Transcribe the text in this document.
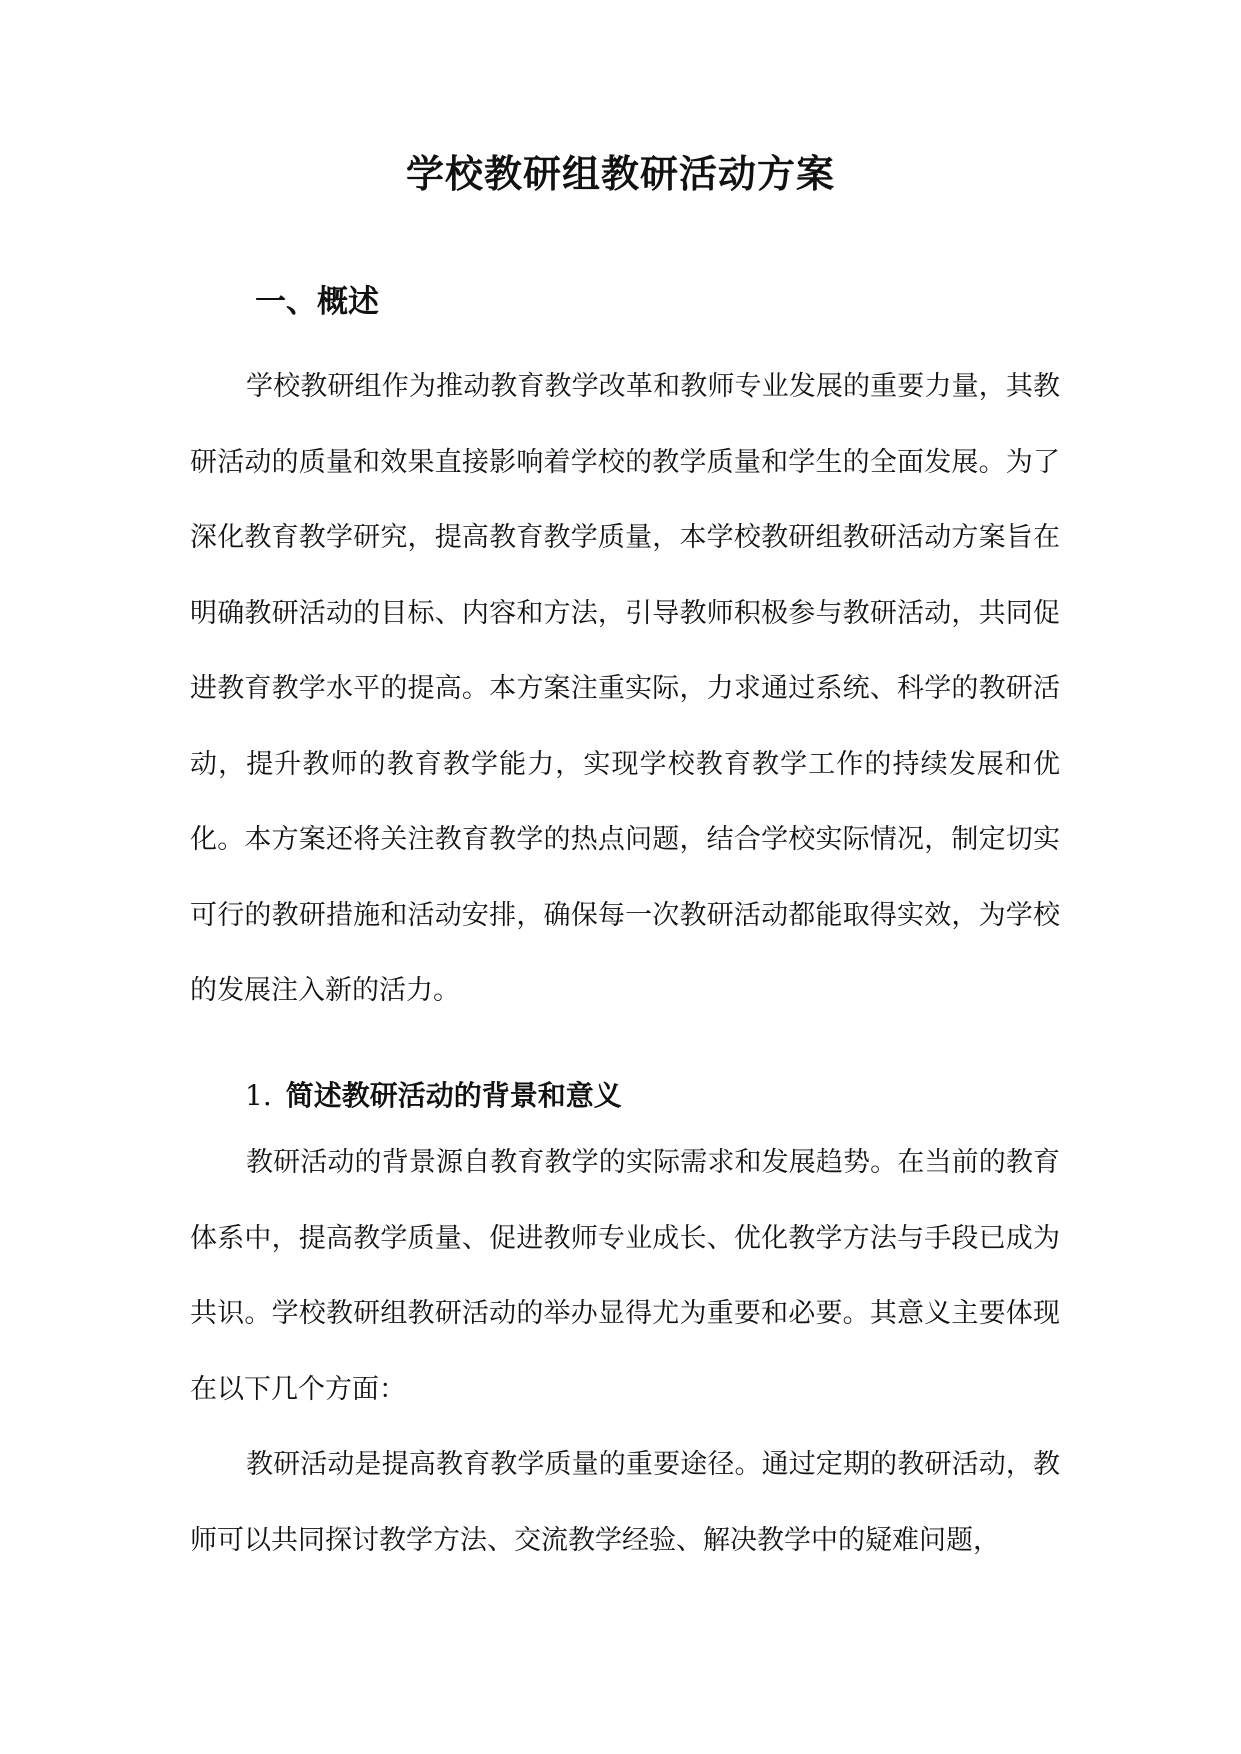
学校教研组教研活动方案
一、概述

学校教研组作为推动教育教学改革和教师专业发展的重要力量，其教研活动的质量和效果直接影响着学校的教学质量和学生的全面发展。为了深化教育教学研究，提高教育教学质量，本学校教研组教研活动方案旨在明确教研活动的目标、内容和方法，引导教师积极参与教研活动，共同促进教育教学水平的提高。本方案注重实际，力求通过系统、科学的教研活动，提升教师的教育教学能力，实现学校教育教学工作的持续发展和优化。本方案还将关注教育教学的热点问题，结合学校实际情况，制定切实可行的教研措施和活动安排，确保每一次教研活动都能取得实效，为学校的发展注入新的活力。

1. 简述教研活动的背景和意义

教研活动的背景源自教育教学的实际需求和发展趋势。在当前的教育体系中，提高教学质量、促进教师专业成长、优化教学方法与手段已成为共识。学校教研组教研活动的举办显得尤为重要和必要。其意义主要体现在以下几个方面：

教研活动是提高教育教学质量的重要途径。通过定期的教研活动，教师可以共同探讨教学方法、交流教学经验、解决教学中的疑难问题，
